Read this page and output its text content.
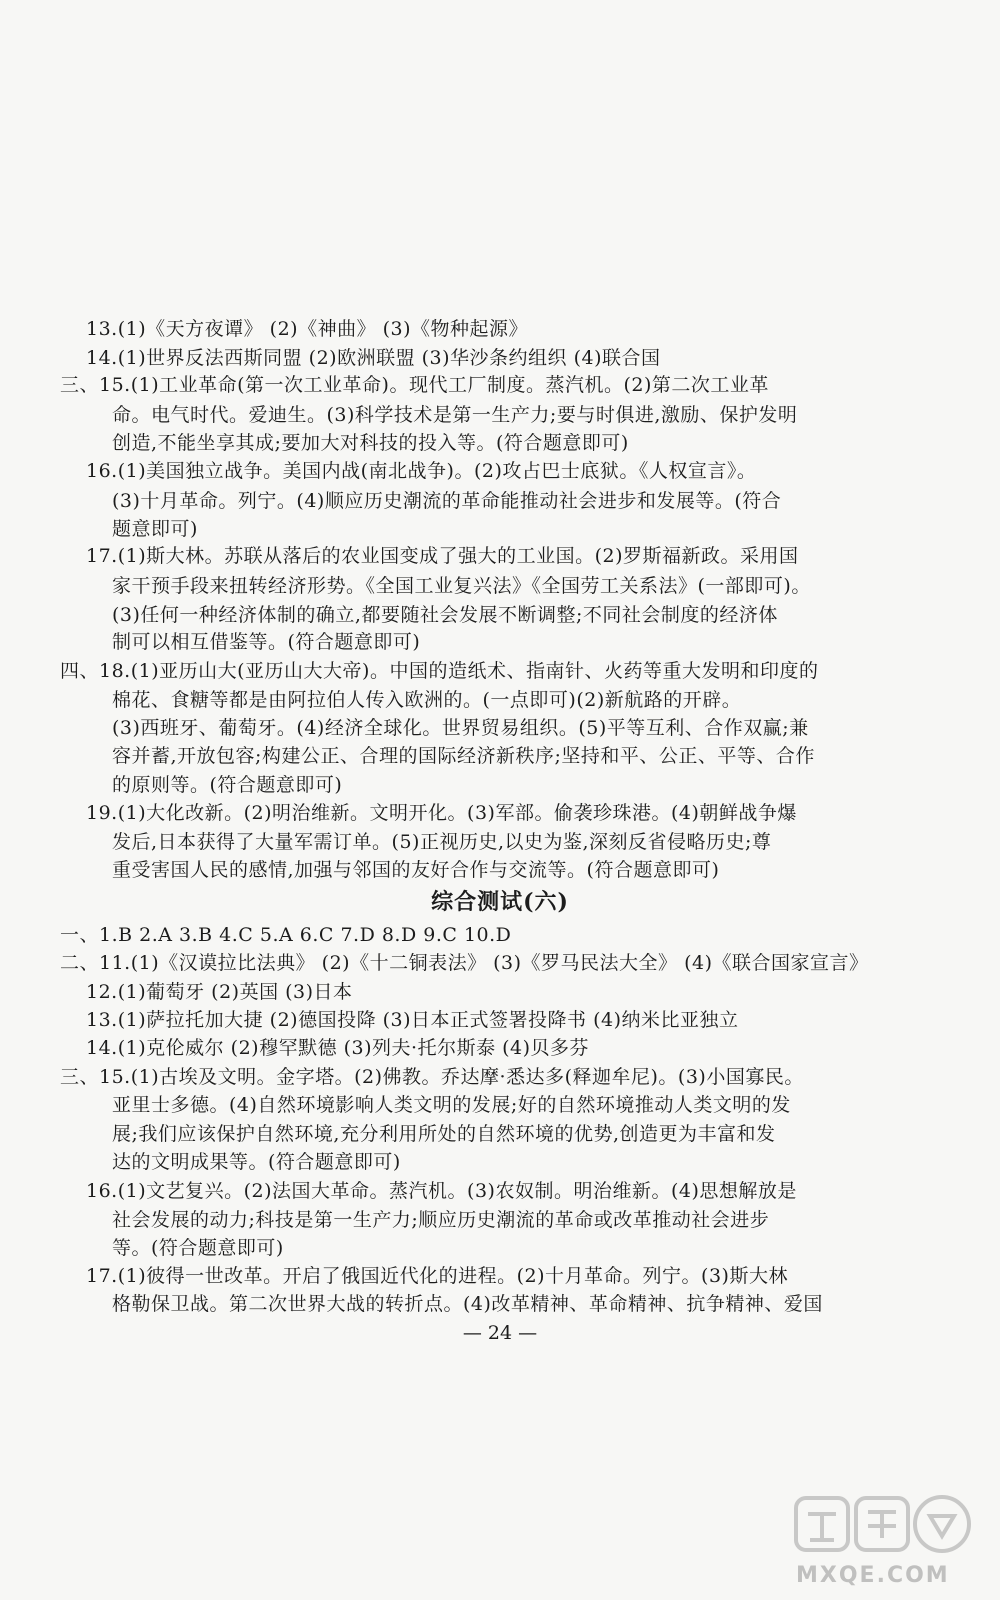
13.(1)《天方夜谭》 (2)《神曲》 (3)《物种起源》
14.(1)世界反法西斯同盟 (2)欧洲联盟 (3)华沙条约组织 (4)联合国
三、15.(1)工业革命(第一次工业革命)。现代工厂制度。蒸汽机。(2)第二次工业革
命。电气时代。爱迪生。(3)科学技术是第一生产力;要与时俱进,激励、保护发明
创造,不能坐享其成;要加大对科技的投入等。(符合题意即可)
16.(1)美国独立战争。美国内战(南北战争)。(2)攻占巴士底狱。《人权宣言》。
(3)十月革命。列宁。(4)顺应历史潮流的革命能推动社会进步和发展等。(符合
题意即可)
17.(1)斯大林。苏联从落后的农业国变成了强大的工业国。(2)罗斯福新政。采用国
家干预手段来扭转经济形势。《全国工业复兴法》《全国劳工关系法》(一部即可)。
(3)任何一种经济体制的确立,都要随社会发展不断调整;不同社会制度的经济体
制可以相互借鉴等。(符合题意即可)
四、18.(1)亚历山大(亚历山大大帝)。中国的造纸术、指南针、火药等重大发明和印度的
棉花、食糖等都是由阿拉伯人传入欧洲的。(一点即可)(2)新航路的开辟。
(3)西班牙、葡萄牙。(4)经济全球化。世界贸易组织。(5)平等互利、合作双赢;兼
容并蓄,开放包容;构建公正、合理的国际经济新秩序;坚持和平、公正、平等、合作
的原则等。(符合题意即可)
19.(1)大化改新。(2)明治维新。文明开化。(3)军部。偷袭珍珠港。(4)朝鲜战争爆
发后,日本获得了大量军需订单。(5)正视历史,以史为鉴,深刻反省侵略历史;尊
重受害国人民的感情,加强与邻国的友好合作与交流等。(符合题意即可)
综合测试(六)
一、1.B 2.A 3.B 4.C 5.A 6.C 7.D 8.D 9.C 10.D
二、11.(1)《汉谟拉比法典》 (2)《十二铜表法》 (3)《罗马民法大全》 (4)《联合国家宣言》
12.(1)葡萄牙 (2)英国 (3)日本
13.(1)萨拉托加大捷 (2)德国投降 (3)日本正式签署投降书 (4)纳米比亚独立
14.(1)克伦威尔 (2)穆罕默德 (3)列夫·托尔斯泰 (4)贝多芬
三、15.(1)古埃及文明。金字塔。(2)佛教。乔达摩·悉达多(释迦牟尼)。(3)小国寡民。
亚里士多德。(4)自然环境影响人类文明的发展;好的自然环境推动人类文明的发
展;我们应该保护自然环境,充分利用所处的自然环境的优势,创造更为丰富和发
达的文明成果等。(符合题意即可)
16.(1)文艺复兴。(2)法国大革命。蒸汽机。(3)农奴制。明治维新。(4)思想解放是
社会发展的动力;科技是第一生产力;顺应历史潮流的革命或改革推动社会进步
等。(符合题意即可)
17.(1)彼得一世改革。开启了俄国近代化的进程。(2)十月革命。列宁。(3)斯大林
格勒保卫战。第二次世界大战的转折点。(4)改革精神、革命精神、抗争精神、爱国
— 24 —
MXQE.COM
